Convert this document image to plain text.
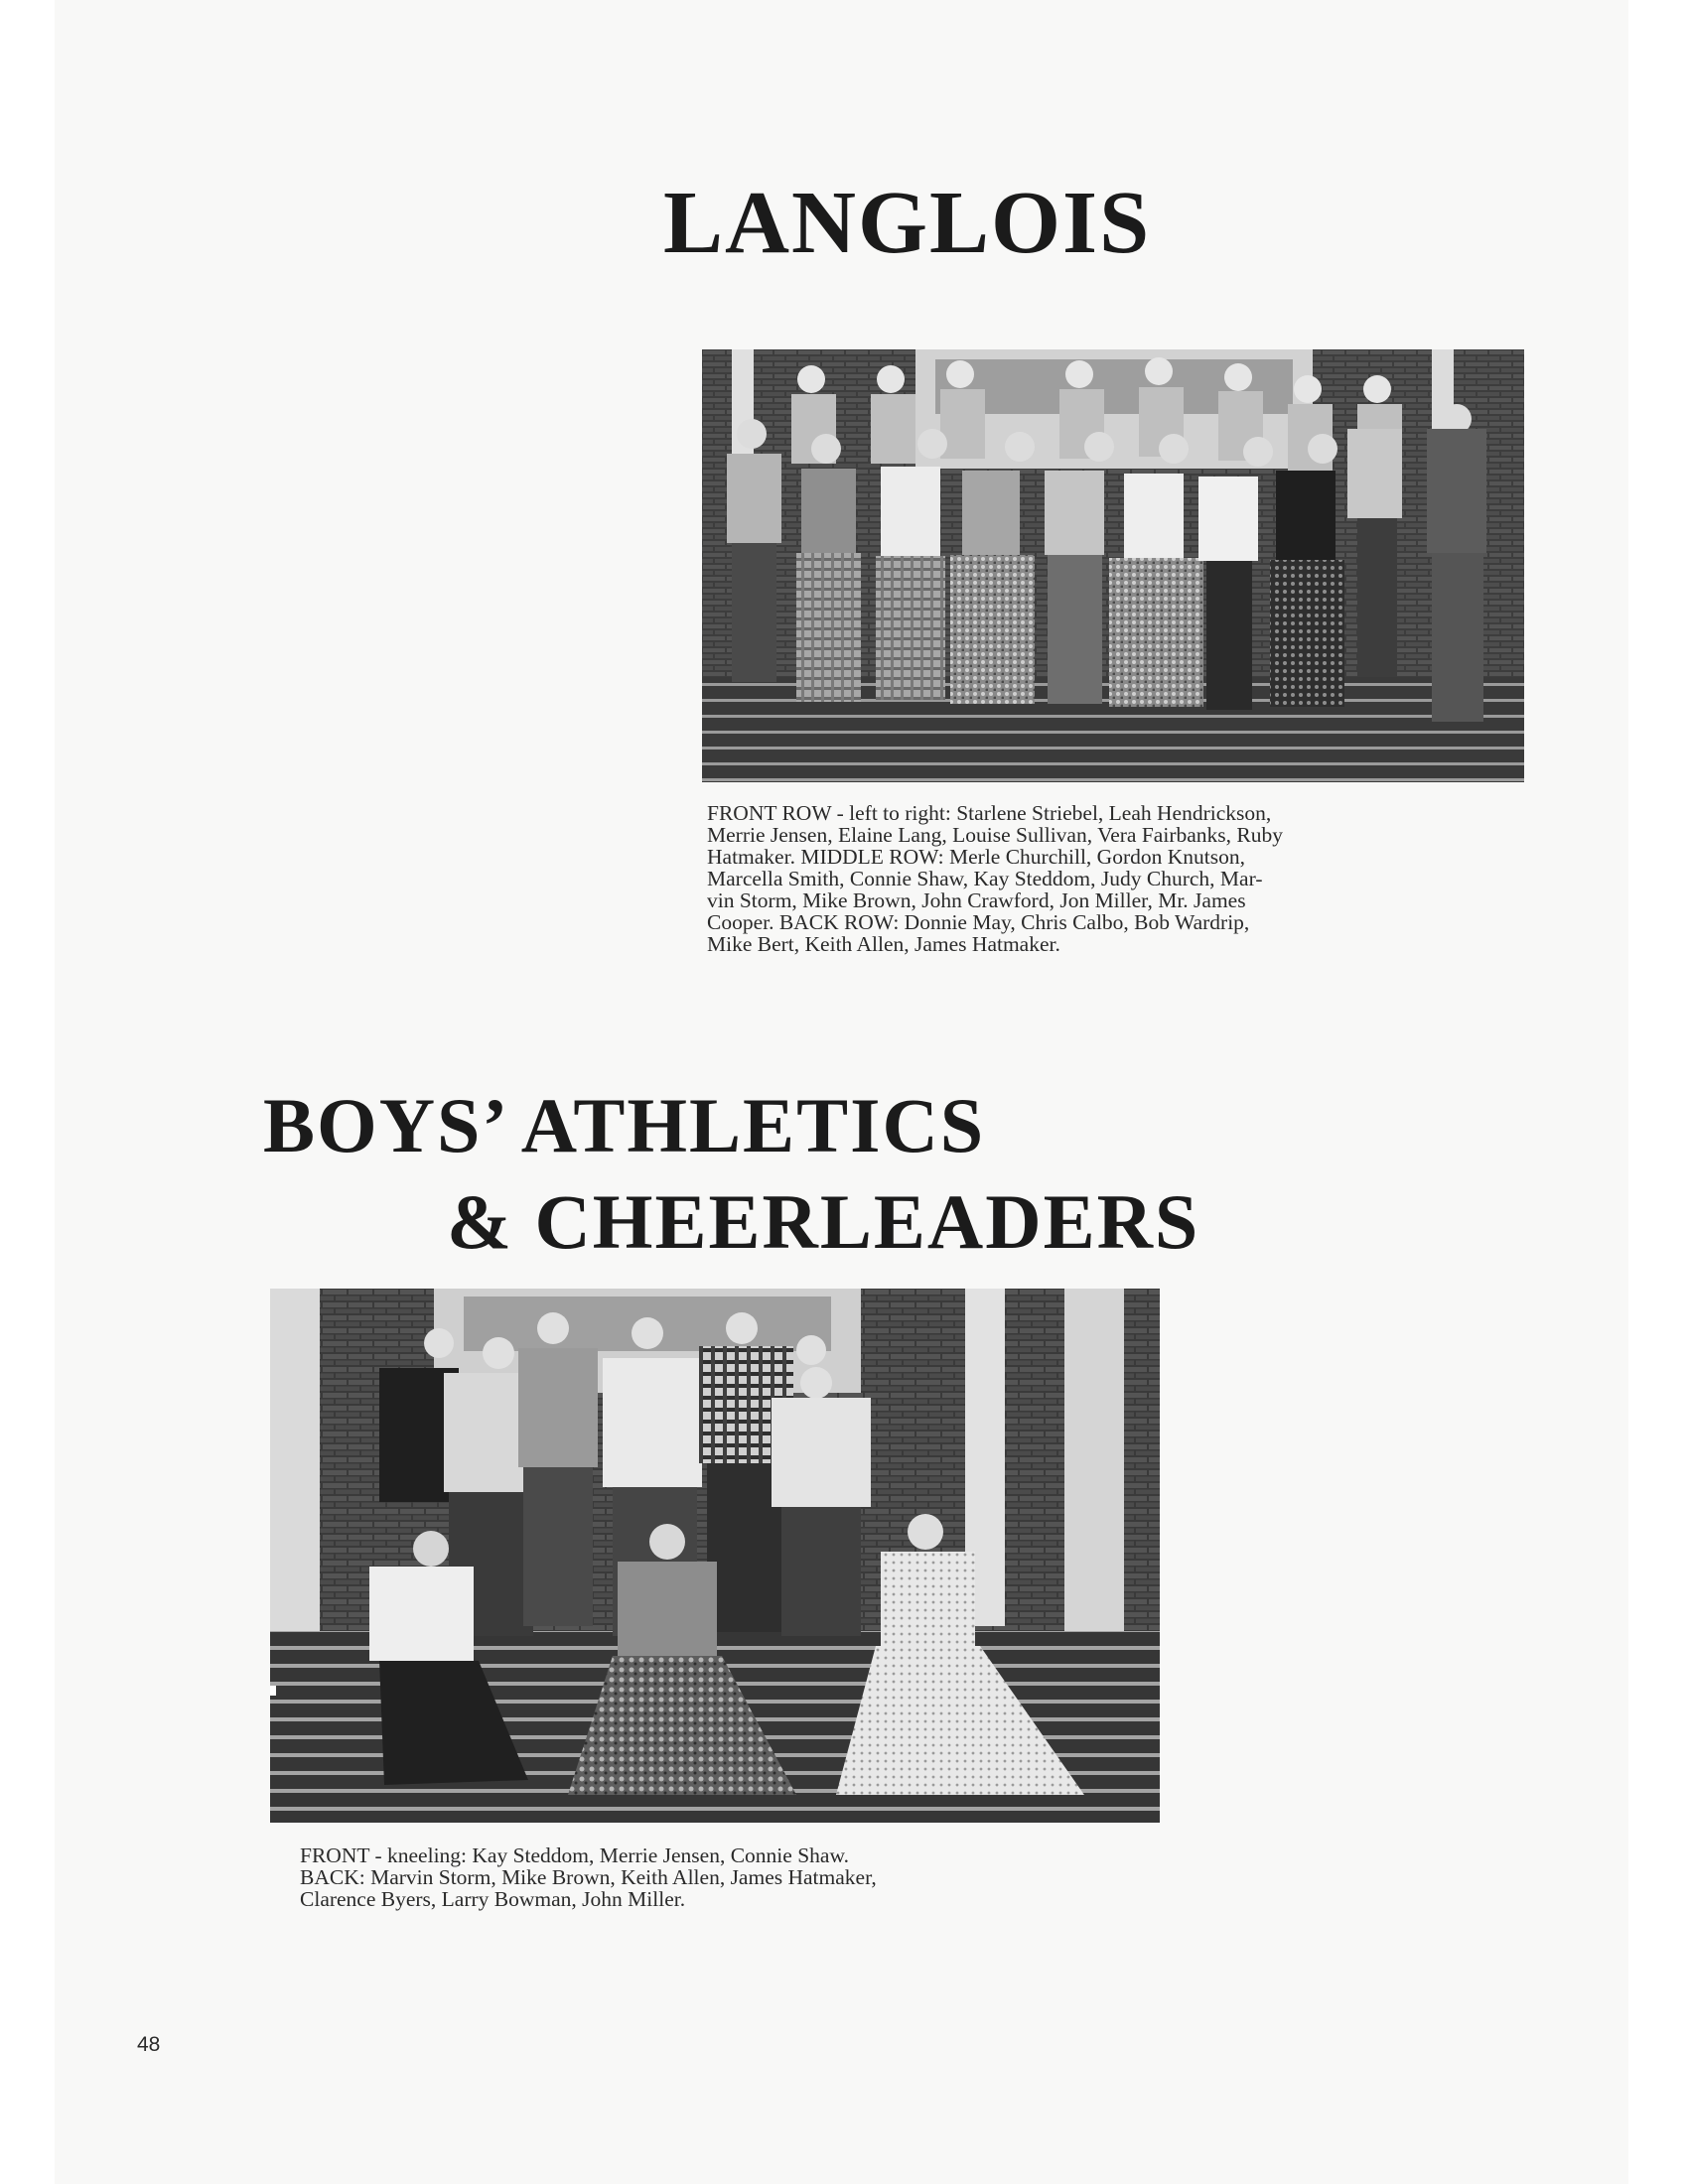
LANGLOIS

FRONT ROW - left to right: Starlene Striebel, Leah Hendrickson,
Merrie Jensen, Elaine Lang, Louise Sullivan, Vera Fairbanks, Ruby
Hatmaker. MIDDLE ROW: Merle Churchill, Gordon Knutson,
Marcella Smith, Connie Shaw, Kay Steddom, Judy Church, Mar-
vin Storm, Mike Brown, John Crawford, Jon Miller, Mr. James
Cooper. BACK ROW: Donnie May, Chris Calbo, Bob Wardrip,
Mike Bert, Keith Allen, James Hatmaker.

BOYS’ ATHLETICS
& CHEERLEADERS

FRONT - kneeling: Kay Steddom, Merrie Jensen, Connie Shaw.
BACK: Marvin Storm, Mike Brown, Keith Allen, James Hatmaker,
Clarence Byers, Larry Bowman, John Miller.

48
